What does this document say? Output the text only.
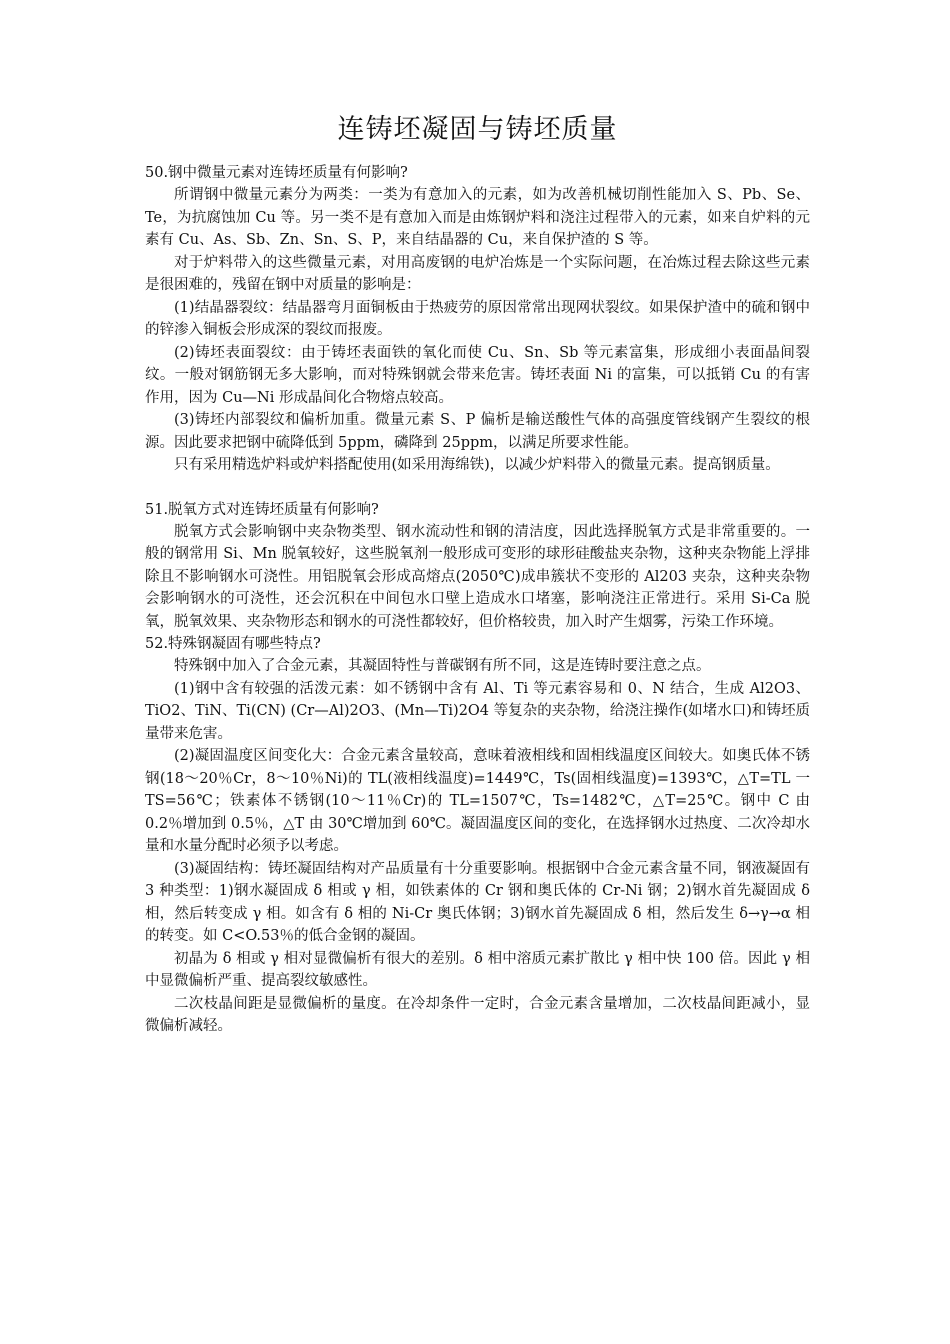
连铸坯凝固与铸坯质量

50.钢中微量元素对连铸坯质量有何影响?

所谓钢中微量元素分为两类：一类为有意加入的元素，如为改善机械切削性能加入 S、Pb、Se、Te，为抗腐蚀加 Cu 等。另一类不是有意加入而是由炼钢炉料和浇注过程带入的元素，如来自炉料的元素有 Cu、As、Sb、Zn、Sn、S、P，来自结晶器的 Cu，来自保护渣的 S 等。

对于炉料带入的这些微量元素，对用高废钢的电炉冶炼是一个实际问题，在冶炼过程去除这些元素是很困难的，残留在钢中对质量的影响是：

(1)结晶器裂纹：结晶器弯月面铜板由于热疲劳的原因常常出现网状裂纹。如果保护渣中的硫和钢中的锌渗入铜板会形成深的裂纹而报废。

(2)铸坯表面裂纹：由于铸坯表面铁的氧化而使 Cu、Sn、Sb 等元素富集，形成细小表面晶间裂纹。一般对钢筋钢无多大影响，而对特殊钢就会带来危害。铸坯表面 Ni 的富集，可以抵销 Cu 的有害作用，因为 Cu—Ni 形成晶间化合物熔点较高。

(3)铸坯内部裂纹和偏析加重。微量元素 S、P 偏析是输送酸性气体的高强度管线钢产生裂纹的根源。因此要求把钢中硫降低到 5ppm，磷降到 25ppm，以满足所要求性能。

只有采用精选炉料或炉料搭配使用(如采用海绵铁)，以减少炉料带入的微量元素。提高钢质量。

51.脱氧方式对连铸坯质量有何影响?

脱氧方式会影响钢中夹杂物类型、钢水流动性和钢的清洁度，因此选择脱氧方式是非常重要的。一般的钢常用 Si、Mn 脱氧较好，这些脱氧剂一般形成可变形的球形硅酸盐夹杂物，这种夹杂物能上浮排除且不影响钢水可浇性。用铝脱氧会形成高熔点(2050℃)成串簇状不变形的 Al203 夹杂，这种夹杂物会影响钢水的可浇性，还会沉积在中间包水口壁上造成水口堵塞，影响浇注正常进行。采用 Si-Ca 脱氧，脱氧效果、夹杂物形态和钢水的可浇性都较好，但价格较贵，加入时产生烟雾，污染工作环境。

52.特殊钢凝固有哪些特点?

特殊钢中加入了合金元素，其凝固特性与普碳钢有所不同，这是连铸时要注意之点。

(1)钢中含有较强的活泼元素：如不锈钢中含有 Al、Ti 等元素容易和 0、N 结合，生成 Al2O3、TiO2、TiN、Ti(CN) (Cr—Al)2O3、(Mn—Ti)2O4 等复杂的夹杂物，给浇注操作(如堵水口)和铸坯质量带来危害。

(2)凝固温度区间变化大：合金元素含量较高，意味着液相线和固相线温度区间较大。如奥氏体不锈钢(18～20％Cr，8～10％Ni)的 TL(液相线温度)=1449℃，Ts(固相线温度)=1393℃，△T=TL 一 TS=56℃；铁素体不锈钢(10～11％Cr)的 TL=1507℃，Ts=1482℃，△T=25℃。钢中 C 由 0.2％增加到 0.5％，△T 由 30℃增加到 60℃。凝固温度区间的变化，在选择钢水过热度、二次冷却水量和水量分配时必须予以考虑。

(3)凝固结构：铸坯凝固结构对产品质量有十分重要影响。根据钢中合金元素含量不同，钢液凝固有 3 种类型：1)钢水凝固成 δ 相或 γ 相，如铁素体的 Cr 钢和奥氏体的 Cr-Ni 钢；2)钢水首先凝固成 δ 相，然后转变成 γ 相。如含有 δ 相的 Ni-Cr 奥氏体钢；3)钢水首先凝固成 δ 相，然后发生 δ→γ→α 相的转变。如 C<O.53％的低合金钢的凝固。

初晶为 δ 相或 γ 相对显微偏析有很大的差别。δ 相中溶质元素扩散比 γ 相中快 100 倍。因此 γ 相中显微偏析严重、提高裂纹敏感性。

二次枝晶间距是显微偏析的量度。在冷却条件一定时，合金元素含量增加，二次枝晶间距减小，显微偏析减轻。
